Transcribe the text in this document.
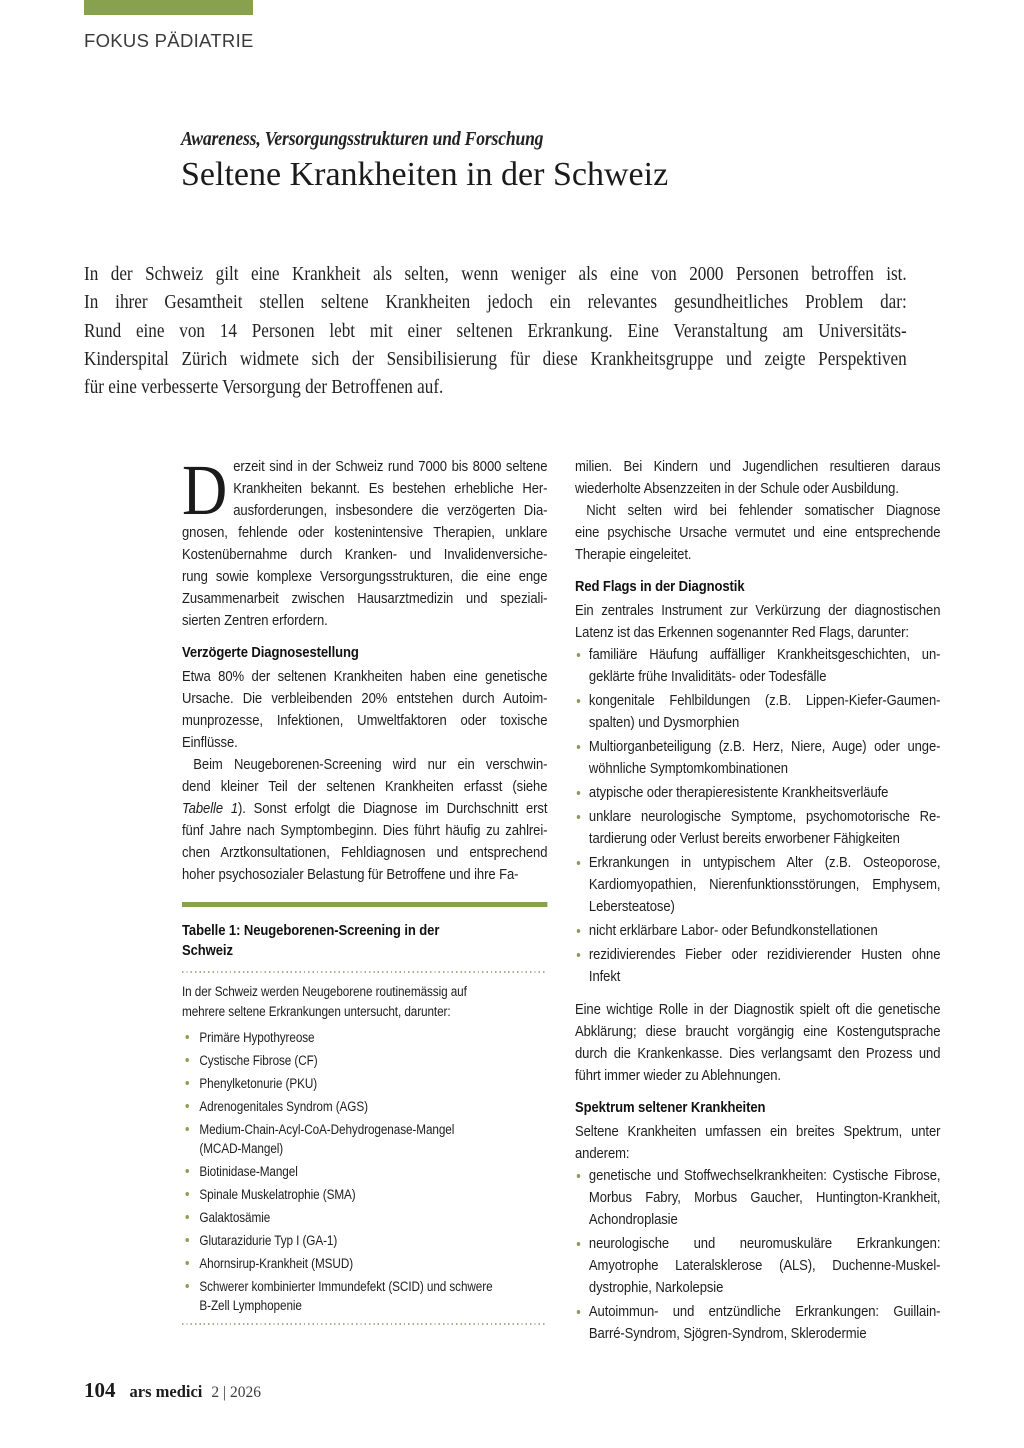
FOKUS PÄDIATRIE
Awareness, Versorgungsstrukturen und Forschung
Seltene Krankheiten in der Schweiz
In der Schweiz gilt eine Krankheit als selten, wenn weniger als eine von 2000 Personen betroffen ist.
In ihrer Gesamtheit stellen seltene Krankheiten jedoch ein relevantes gesundheitliches Problem dar:
Rund eine von 14 Personen lebt mit einer seltenen Erkrankung. Eine Veranstaltung am Universitäts-
Kinderspital Zürich widmete sich der Sensibilisierung für diese Krankheitsgruppe und zeigte Perspektiven
für eine verbesserte Versorgung der Betroffenen auf.

D erzeit sind in der Schweiz rund 7000 bis 8000 seltene
Krankheiten bekannt. Es bestehen erhebliche Her-
ausforderungen, insbesondere die verzögerten Dia-
gnosen, fehlende oder kostenintensive Therapien, unklare
Kostenübernahme durch Kranken- und Invalidenversiche-
rung sowie komplexe Versorgungsstrukturen, die eine enge
Zusammenarbeit zwischen Hausarztmedizin und speziali-
sierten Zentren erfordern.

Verzögerte Diagnosestellung

Etwa 80% der seltenen Krankheiten haben eine genetische
Ursache. Die verbleibenden 20% entstehen durch Autoim-
munprozesse, Infektionen, Umweltfaktoren oder toxische
Einflüsse.

Beim Neugeborenen-Screening wird nur ein verschwin-
dend kleiner Teil der seltenen Krankheiten erfasst (siehe
Tabelle 1). Sonst erfolgt die Diagnose im Durchschnitt erst
fünf Jahre nach Symptombeginn. Dies führt häufig zu zahlrei-
chen Arztkonsultationen, Fehldiagnosen und entsprechend
hoher psychosozialer Belastung für Betroffene und ihre Fa-

Tabelle 1: Neugeborenen-Screening in der
Schweiz
In der Schweiz werden Neugeborene routinemässig auf
mehrere seltene Erkrankungen untersucht, darunter:
Primäre Hypothyreose
Cystische Fibrose (CF)
Phenylketonurie (PKU)
Adrenogenitales Syndrom (AGS)
Medium-Chain-Acyl-CoA-Dehydrogenase-Mangel
(MCAD-Mangel)
Biotinidase-Mangel
Spinale Muskelatrophie (SMA)
Galaktosämie
Glutarazidurie Typ I (GA-1)
Ahornsirup-Krankheit (MSUD)
Schwerer kombinierter Immundefekt (SCID) und schwere
B-Zell Lymphopenie

milien. Bei Kindern und Jugendlichen resultieren daraus
wiederholte Absenzzeiten in der Schule oder Ausbildung.

Nicht selten wird bei fehlender somatischer Diagnose
eine psychische Ursache vermutet und eine entsprechende
Therapie eingeleitet.

Red Flags in der Diagnostik

Ein zentrales Instrument zur Verkürzung der diagnostischen
Latenz ist das Erkennen sogenannter Red Flags, darunter:

familiäre Häufung auffälliger Krankheitsgeschichten, un-
geklärte frühe Invaliditäts- oder Todesfälle
kongenitale Fehlbildungen (z.B. Lippen-Kiefer-Gaumen-
spalten) und Dysmorphien
Multiorganbeteiligung (z.B. Herz, Niere, Auge) oder unge-
wöhnliche Symptomkombinationen
atypische oder therapieresistente Krankheitsverläufe
unklare neurologische Symptome, psychomotorische Re-
tardierung oder Verlust bereits erworbener Fähigkeiten
Erkrankungen in untypischem Alter (z.B. Osteoporose,
Kardiomyopathien, Nierenfunktionsstörungen, Emphysem,
Lebersteatose)
nicht erklärbare Labor- oder Befundkonstellationen
rezidivierendes Fieber oder rezidivierender Husten ohne
Infekt

Eine wichtige Rolle in der Diagnostik spielt oft die genetische
Abklärung; diese braucht vorgängig eine Kostengutsprache
durch die Krankenkasse. Dies verlangsamt den Prozess und
führt immer wieder zu Ablehnungen.

Spektrum seltener Krankheiten

Seltene Krankheiten umfassen ein breites Spektrum, unter
anderem:

genetische und Stoffwechselkrankheiten: Cystische Fibrose,
Morbus Fabry, Morbus Gaucher, Huntington-Krankheit,
Achondroplasie
neurologische und neuromuskuläre Erkrankungen:
Amyotrophe Lateralsklerose (ALS), Duchenne-Muskel-
dystrophie, Narkolepsie
Autoimmun- und entzündliche Erkrankungen: Guillain-
Barré-Syndrom, Sjögren-Syndrom, Sklerodermie
104 ars medici 2 | 2026
